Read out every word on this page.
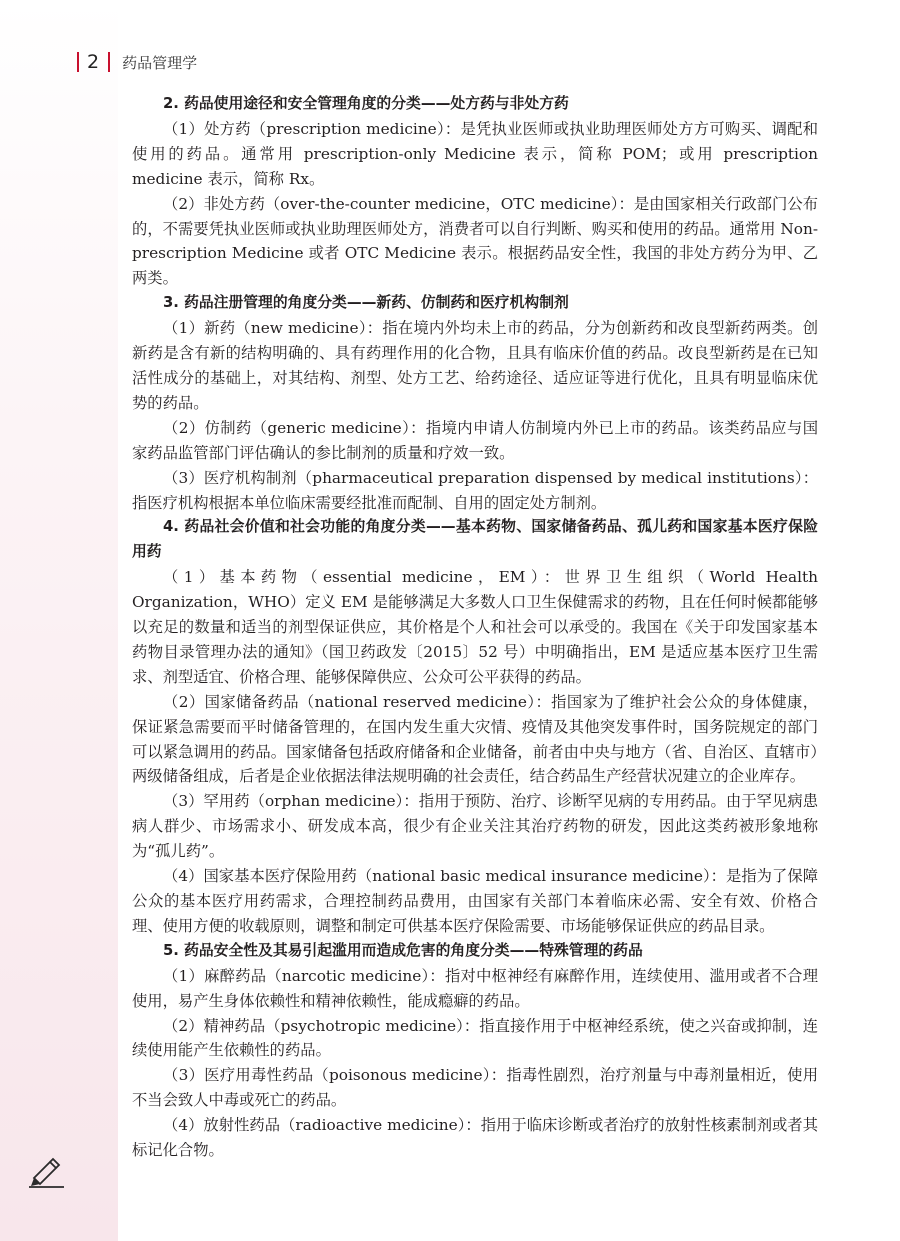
2 药品管理学

2. 药品使用途径和安全管理角度的分类——处方药与非处方药

（1）处方药（prescription medicine）：是凭执业医师或执业助理医师处方方可购买、调配和使用的药品。通常用 prescription-only Medicine 表示，简称 POM；或用 prescription medicine 表示，简称 Rx。

（2）非处方药（over-the-counter medicine，OTC medicine）：是由国家相关行政部门公布的，不需要凭执业医师或执业助理医师处方，消费者可以自行判断、购买和使用的药品。通常用 Non-prescription Medicine 或者 OTC Medicine 表示。根据药品安全性，我国的非处方药分为甲、乙两类。

3. 药品注册管理的角度分类——新药、仿制药和医疗机构制剂

（1）新药（new medicine）：指在境内外均未上市的药品，分为创新药和改良型新药两类。创新药是含有新的结构明确的、具有药理作用的化合物，且具有临床价值的药品。改良型新药是在已知活性成分的基础上，对其结构、剂型、处方工艺、给药途径、适应证等进行优化，且具有明显临床优势的药品。

（2）仿制药（generic medicine）：指境内申请人仿制境内外已上市的药品。该类药品应与国家药品监管部门评估确认的参比制剂的质量和疗效一致。

（3）医疗机构制剂（pharmaceutical preparation dispensed by medical institutions）：指医疗机构根据本单位临床需要经批准而配制、自用的固定处方制剂。

4. 药品社会价值和社会功能的角度分类——基本药物、国家储备药品、孤儿药和国家基本医疗保险用药

（1）基本药物（essential medicine，EM）：世界卫生组织（World Health Organization，WHO）定义 EM 是能够满足大多数人口卫生保健需求的药物，且在任何时候都能够以充足的数量和适当的剂型保证供应，其价格是个人和社会可以承受的。我国在《关于印发国家基本药物目录管理办法的通知》（国卫药政发〔2015〕52 号）中明确指出，EM 是适应基本医疗卫生需求、剂型适宜、价格合理、能够保障供应、公众可公平获得的药品。

（2）国家储备药品（national reserved medicine）：指国家为了维护社会公众的身体健康，保证紧急需要而平时储备管理的，在国内发生重大灾情、疫情及其他突发事件时，国务院规定的部门可以紧急调用的药品。国家储备包括政府储备和企业储备，前者由中央与地方（省、自治区、直辖市）两级储备组成，后者是企业依据法律法规明确的社会责任，结合药品生产经营状况建立的企业库存。

（3）罕用药（orphan medicine）：指用于预防、治疗、诊断罕见病的专用药品。由于罕见病患病人群少、市场需求小、研发成本高，很少有企业关注其治疗药物的研发，因此这类药被形象地称为“孤儿药”。

（4）国家基本医疗保险用药（national basic medical insurance medicine）：是指为了保障公众的基本医疗用药需求，合理控制药品费用，由国家有关部门本着临床必需、安全有效、价格合理、使用方便的收载原则，调整和制定可供基本医疗保险需要、市场能够保证供应的药品目录。

5. 药品安全性及其易引起滥用而造成危害的角度分类——特殊管理的药品

（1）麻醉药品（narcotic medicine）：指对中枢神经有麻醉作用，连续使用、滥用或者不合理使用，易产生身体依赖性和精神依赖性，能成瘾癖的药品。

（2）精神药品（psychotropic medicine）：指直接作用于中枢神经系统，使之兴奋或抑制，连续使用能产生依赖性的药品。

（3）医疗用毒性药品（poisonous medicine）：指毒性剧烈，治疗剂量与中毒剂量相近，使用不当会致人中毒或死亡的药品。

（4）放射性药品（radioactive medicine）：指用于临床诊断或者治疗的放射性核素制剂或者其标记化合物。
